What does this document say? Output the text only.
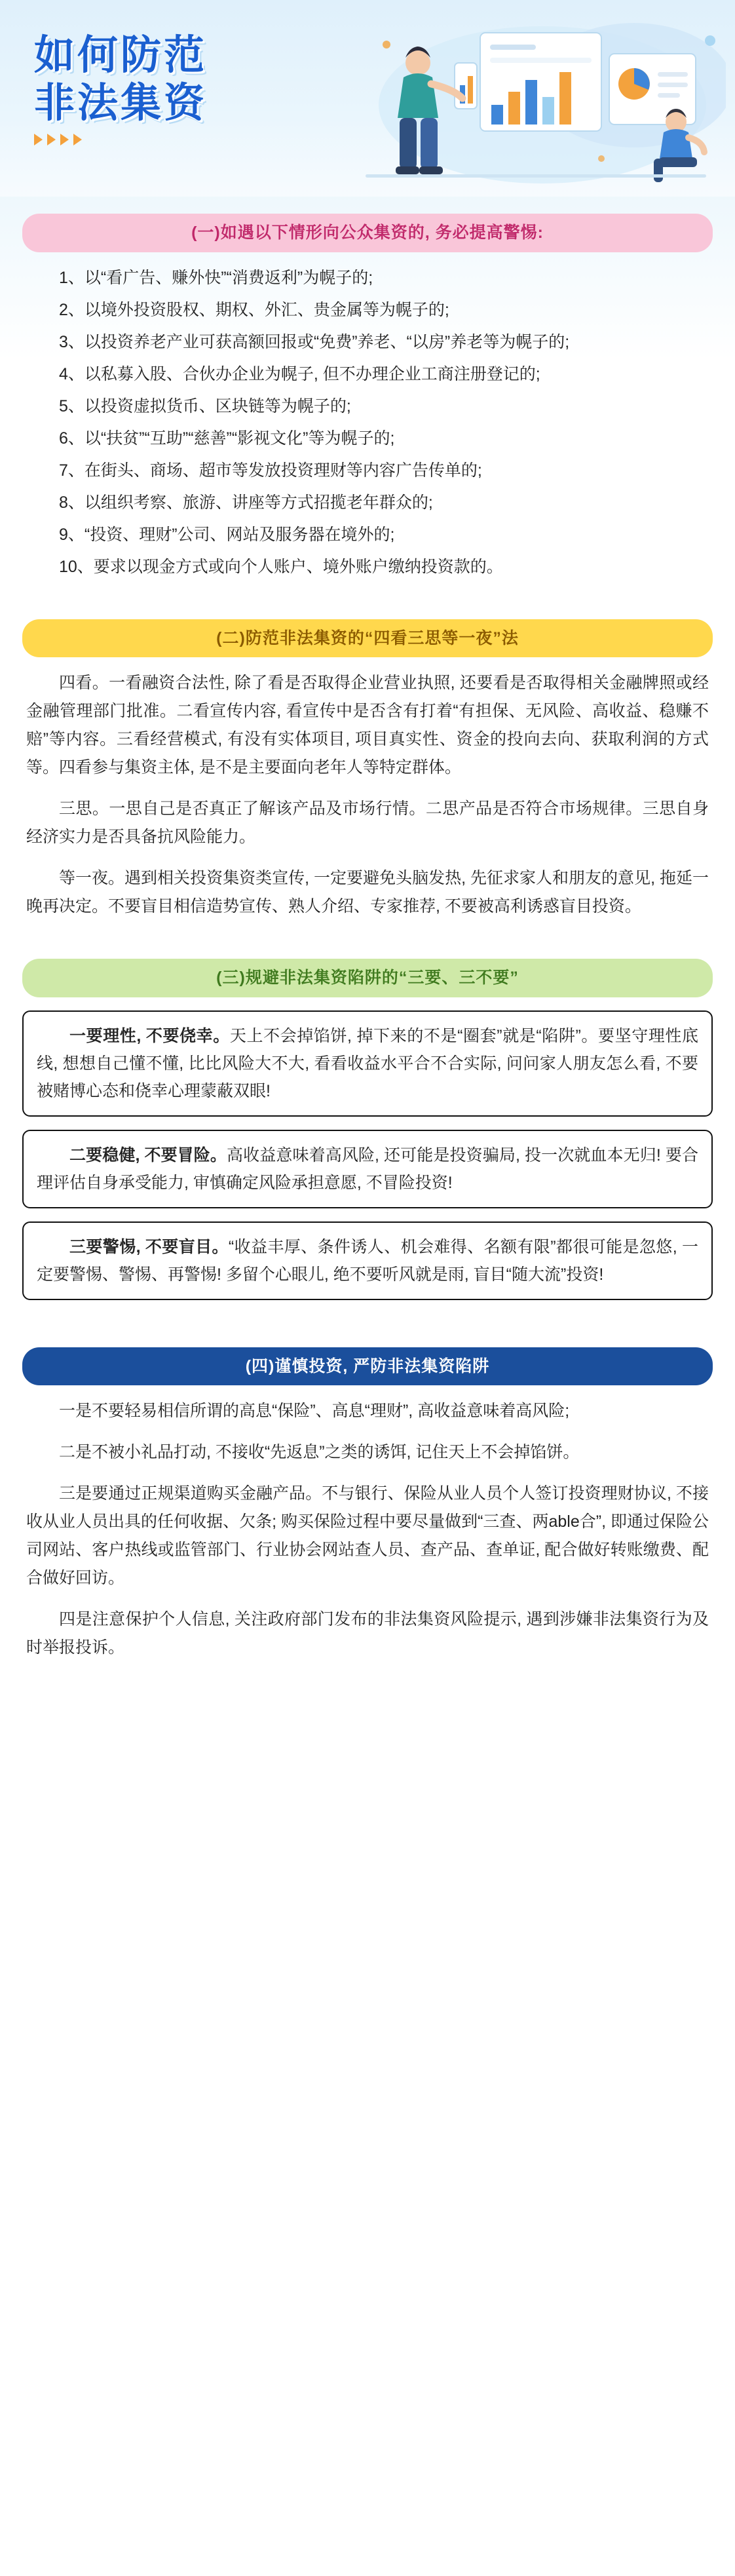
如何防范
非法集资
(一)如遇以下情形向公众集资的, 务必提高警惕:

1、以“看广告、赚外快”“消费返利”为幌子的;

2、以境外投资股权、期权、外汇、贵金属等为幌子的;

3、以投资养老产业可获高额回报或“免费”养老、“以房”养老等为幌子的;

4、以私募入股、合伙办企业为幌子, 但不办理企业工商注册登记的;

5、以投资虚拟货币、区块链等为幌子的;

6、以“扶贫”“互助”“慈善”“影视文化”等为幌子的;

7、在街头、商场、超市等发放投资理财等内容广告传单的;

8、以组织考察、旅游、讲座等方式招揽老年群众的;

9、“投资、理财”公司、网站及服务器在境外的;

10、要求以现金方式或向个人账户、境外账户缴纳投资款的。

(二)防范非法集资的“四看三思等一夜”法

四看。一看融资合法性, 除了看是否取得企业营业执照, 还要看是否取得相关金融牌照或经金融管理部门批准。二看宣传内容, 看宣传中是否含有打着“有担保、无风险、高收益、稳赚不赔”等内容。三看经营模式, 有没有实体项目, 项目真实性、资金的投向去向、获取利润的方式等。四看参与集资主体, 是不是主要面向老年人等特定群体。

三思。一思自己是否真正了解该产品及市场行情。二思产品是否符合市场规律。三思自身经济实力是否具备抗风险能力。

等一夜。遇到相关投资集资类宣传, 一定要避免头脑发热, 先征求家人和朋友的意见, 拖延一晚再决定。不要盲目相信造势宣传、熟人介绍、专家推荐, 不要被高利诱惑盲目投资。

(三)规避非法集资陷阱的“三要、三不要”

一要理性, 不要侥幸。天上不会掉馅饼, 掉下来的不是“圈套”就是“陷阱”。要坚守理性底线, 想想自己懂不懂, 比比风险大不大, 看看收益水平合不合实际, 问问家人朋友怎么看, 不要被赌博心态和侥幸心理蒙蔽双眼!

二要稳健, 不要冒险。高收益意味着高风险, 还可能是投资骗局, 投一次就血本无归! 要合理评估自身承受能力, 审慎确定风险承担意愿, 不冒险投资!

三要警惕, 不要盲目。“收益丰厚、条件诱人、机会难得、名额有限”都很可能是忽悠, 一定要警惕、警惕、再警惕! 多留个心眼儿, 绝不要听风就是雨, 盲目“随大流”投资!

(四)谨慎投资, 严防非法集资陷阱

一是不要轻易相信所谓的高息“保险”、高息“理财”, 高收益意味着高风险;

二是不被小礼品打动, 不接收“先返息”之类的诱饵, 记住天上不会掉馅饼。

三是要通过正规渠道购买金融产品。不与银行、保险从业人员个人签订投资理财协议, 不接收从业人员出具的任何收据、欠条; 购买保险过程中要尽量做到“三查、两able合”, 即通过保险公司网站、客户热线或监管部门、行业协会网站查人员、查产品、查单证, 配合做好转账缴费、配合做好回访。

四是注意保护个人信息, 关注政府部门发布的非法集资风险提示, 遇到涉嫌非法集资行为及时举报投诉。
